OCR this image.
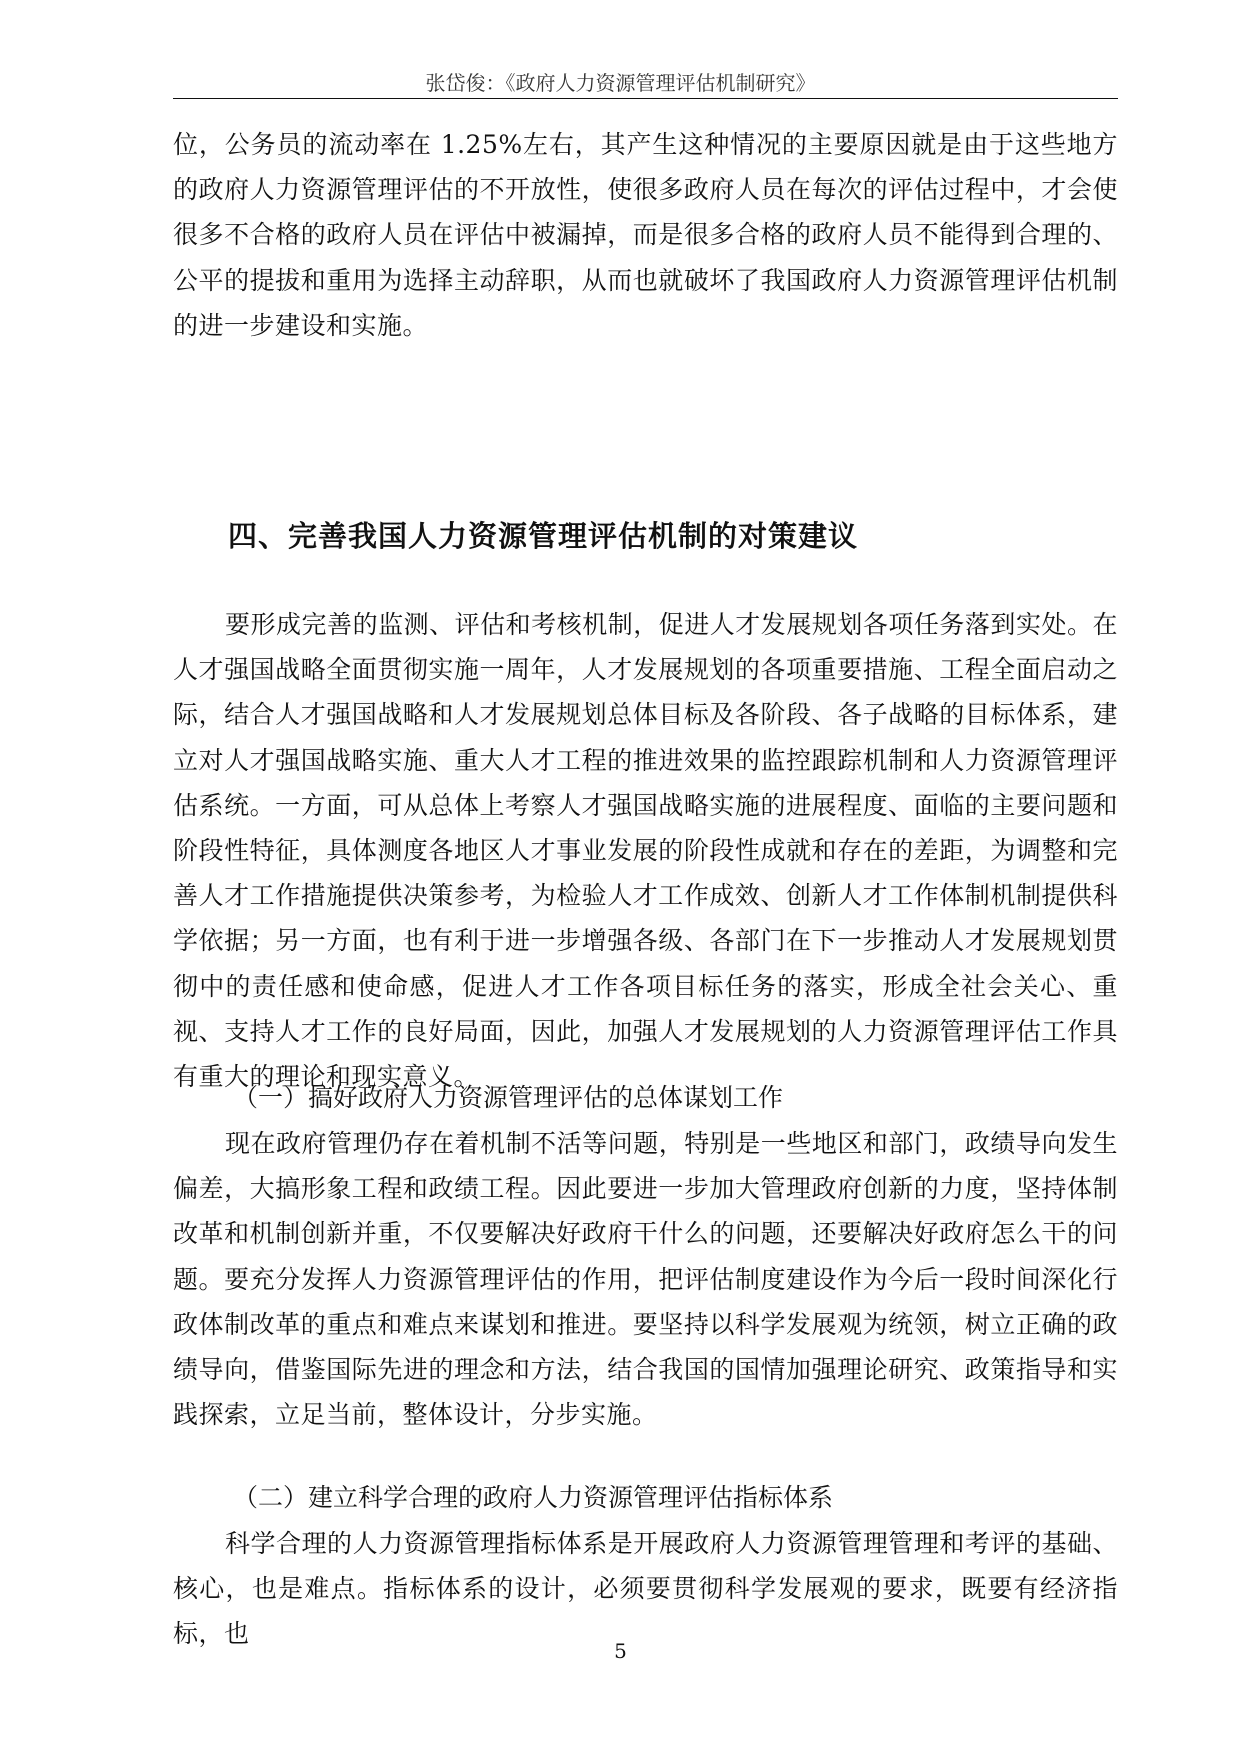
张岱俊：《政府人力资源管理评估机制研究》

位，公务员的流动率在 1.25%左右，其产生这种情况的主要原因就是由于这些地方的政府人力资源管理评估的不开放性，使很多政府人员在每次的评估过程中，才会使很多不合格的政府人员在评估中被漏掉，而是很多合格的政府人员不能得到合理的、公平的提拔和重用为选择主动辞职，从而也就破坏了我国政府人力资源管理评估机制的进一步建设和实施。

四、完善我国人力资源管理评估机制的对策建议

要形成完善的监测、评估和考核机制，促进人才发展规划各项任务落到实处。在人才强国战略全面贯彻实施一周年，人才发展规划的各项重要措施、工程全面启动之际，结合人才强国战略和人才发展规划总体目标及各阶段、各子战略的目标体系，建立对人才强国战略实施、重大人才工程的推进效果的监控跟踪机制和人力资源管理评估系统。一方面，可从总体上考察人才强国战略实施的进展程度、面临的主要问题和阶段性特征，具体测度各地区人才事业发展的阶段性成就和存在的差距，为调整和完善人才工作措施提供决策参考，为检验人才工作成效、创新人才工作体制机制提供科学依据；另一方面，也有利于进一步增强各级、各部门在下一步推动人才发展规划贯彻中的责任感和使命感，促进人才工作各项目标任务的落实，形成全社会关心、重视、支持人才工作的良好局面，因此，加强人才发展规划的人力资源管理评估工作具有重大的理论和现实意义。

（一）搞好政府人力资源管理评估的总体谋划工作

现在政府管理仍存在着机制不活等问题，特别是一些地区和部门，政绩导向发生偏差，大搞形象工程和政绩工程。因此要进一步加大管理政府创新的力度，坚持体制改革和机制创新并重，不仅要解决好政府干什么的问题，还要解决好政府怎么干的问题。要充分发挥人力资源管理评估的作用，把评估制度建设作为今后一段时间深化行政体制改革的重点和难点来谋划和推进。要坚持以科学发展观为统领，树立正确的政绩导向，借鉴国际先进的理念和方法，结合我国的国情加强理论研究、政策指导和实践探索，立足当前，整体设计，分步实施。

（二）建立科学合理的政府人力资源管理评估指标体系

科学合理的人力资源管理指标体系是开展政府人力资源管理管理和考评的基础、核心，也是难点。指标体系的设计，必须要贯彻科学发展观的要求，既要有经济指标，也

5
